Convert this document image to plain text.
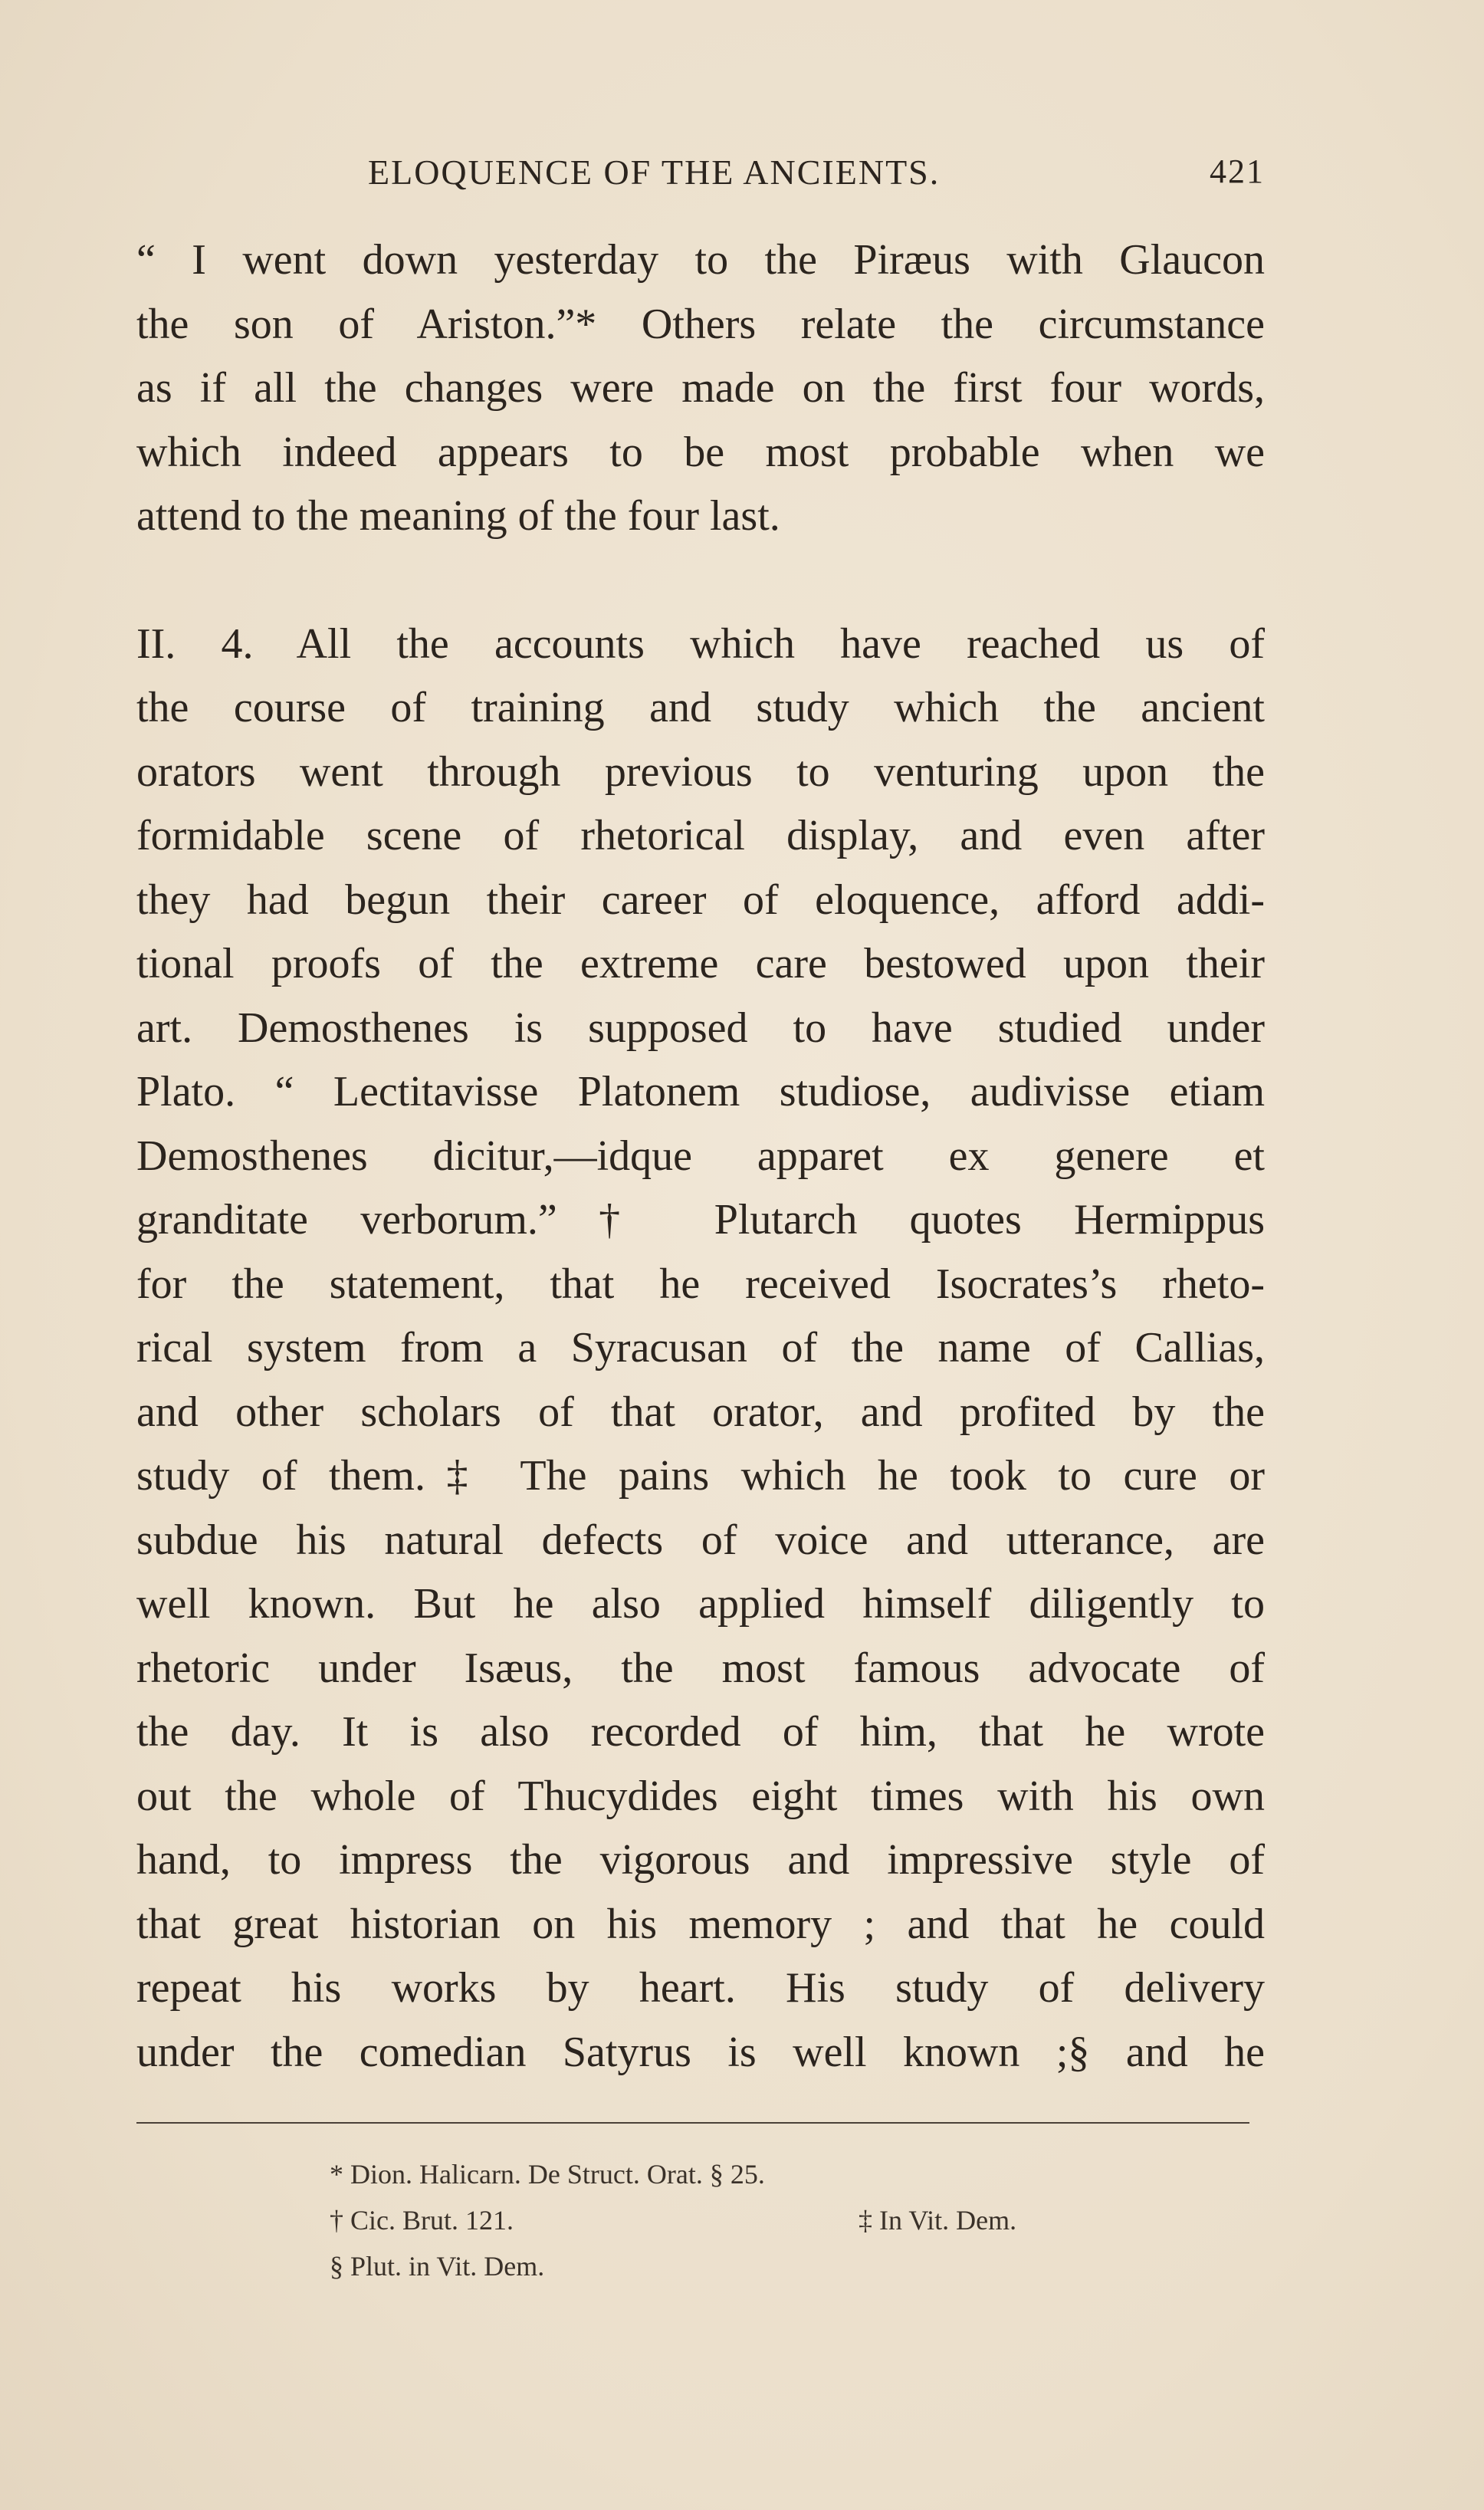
ELOQUENCE OF THE ANCIENTS.	421
“ I went down yesterday to the Piræus with Glaucon
the son of Ariston.”* Others relate the circumstance
as if all the changes were made on the first four words,
which indeed appears to be most probable when we
attend to the meaning of the four last.
II. 4. All the accounts which have reached us of
the course of training and study which the ancient
orators went through previous to venturing upon the
formidable scene of rhetorical display, and even after
they had begun their career of eloquence, afford addi-
tional proofs of the extreme care bestowed upon their
art. Demosthenes is supposed to have studied under
Plato. “ Lectitavisse Platonem studiose, audivisse etiam
Demosthenes dicitur,—idque apparet ex genere et
granditate verborum.”† Plutarch quotes Hermippus
for the statement, that he received Isocrates’s rheto-
rical system from a Syracusan of the name of Callias,
and other scholars of that orator, and profited by the
study of them.‡ The pains which he took to cure or
subdue his natural defects of voice and utterance, are
well known. But he also applied himself diligently to
rhetoric under Isæus, the most famous advocate of
the day. It is also recorded of him, that he wrote
out the whole of Thucydides eight times with his own
hand, to impress the vigorous and impressive style of
that great historian on his memory ; and that he could
repeat his works by heart. His study of delivery
under the comedian Satyrus is well known ;§ and he
* Dion. Halicarn. De Struct. Orat. § 25.
† Cic. Brut. 121.	‡ In Vit. Dem.
§ Plut. in Vit. Dem.
